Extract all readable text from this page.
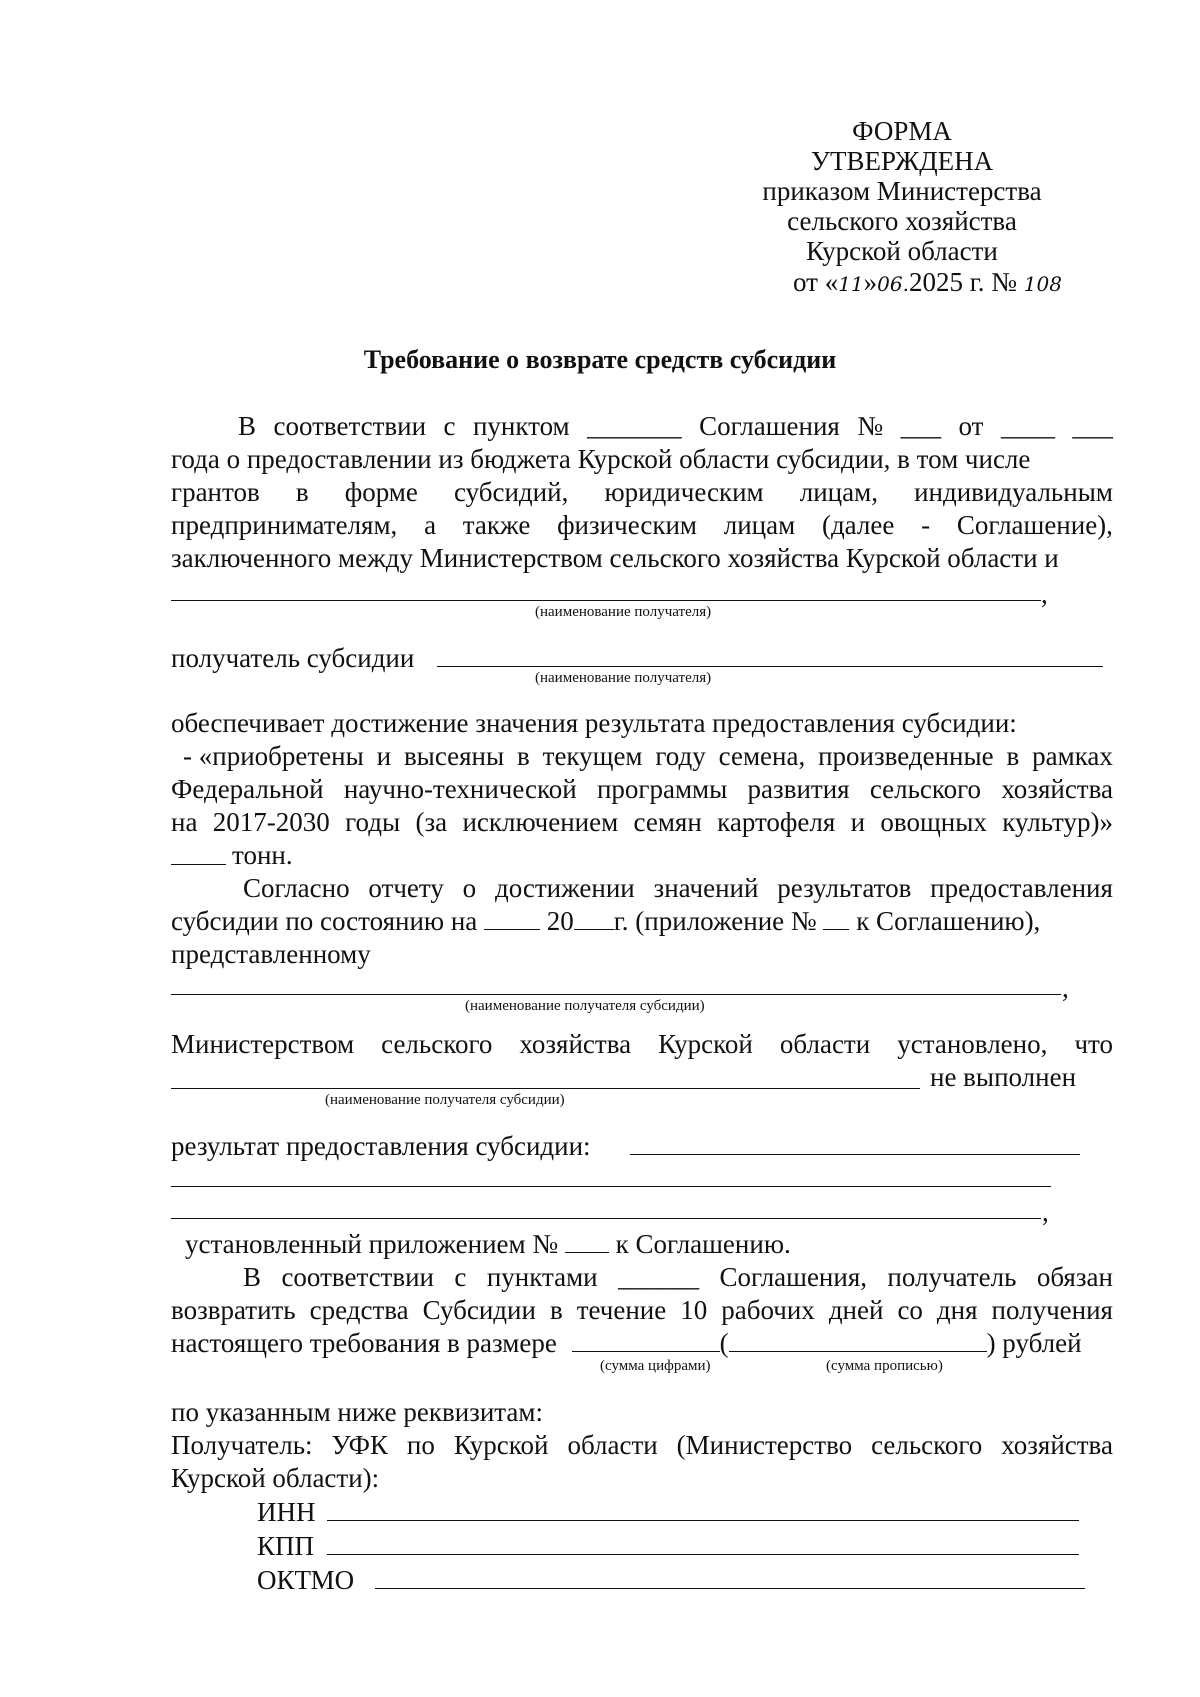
ФОРМА
УТВЕРЖДЕНА
приказом Министерства
сельского хозяйства
Курской области
от «11»06.2025 г. № 108
Требование о возврате средств субсидии
В соответствии с пунктом _______ Соглашения № ___ от ____ ___
года о предоставлении из бюджета Курской области субсидии, в том числе
грантов в форме субсидий, юридическим лицам, индивидуальным
предпринимателям, а также физическим лицам (далее - Соглашение),
заключенного между Министерством сельского хозяйства Курской области и
,
(наименование получателя)
получатель субсидии
(наименование получателя)
обеспечивает достижение значения результата предоставления субсидии:
- «приобретены и высеяны в текущем году семена, произведенные в рамках
Федеральной научно-технической программы развития сельского хозяйства
на 2017-2030 годы (за исключением семян картофеля и овощных культур)»
тонн.
Согласно отчету о достижении значений результатов предоставления
субсидии по состоянию на	20 г. (приложение № к Соглашению),
представленному
,
(наименование получателя субсидии)
Министерством сельского хозяйства Курской области установлено, что
не выполнен
(наименование получателя субсидии)
результат предоставления субсидии:
,
установленный приложением № к Соглашению.
В соответствии с пунктами ______ Соглашения, получатель обязан
возвратить средства Субсидии в течение 10 рабочих дней со дня получения
настоящего требования в размере	(	) рублей
(сумма цифрами)	(сумма прописью)
по указанным ниже реквизитам:
Получатель: УФК по Курской области (Министерство сельского хозяйства
Курской области):
ИНН
КПП
ОКТМО
